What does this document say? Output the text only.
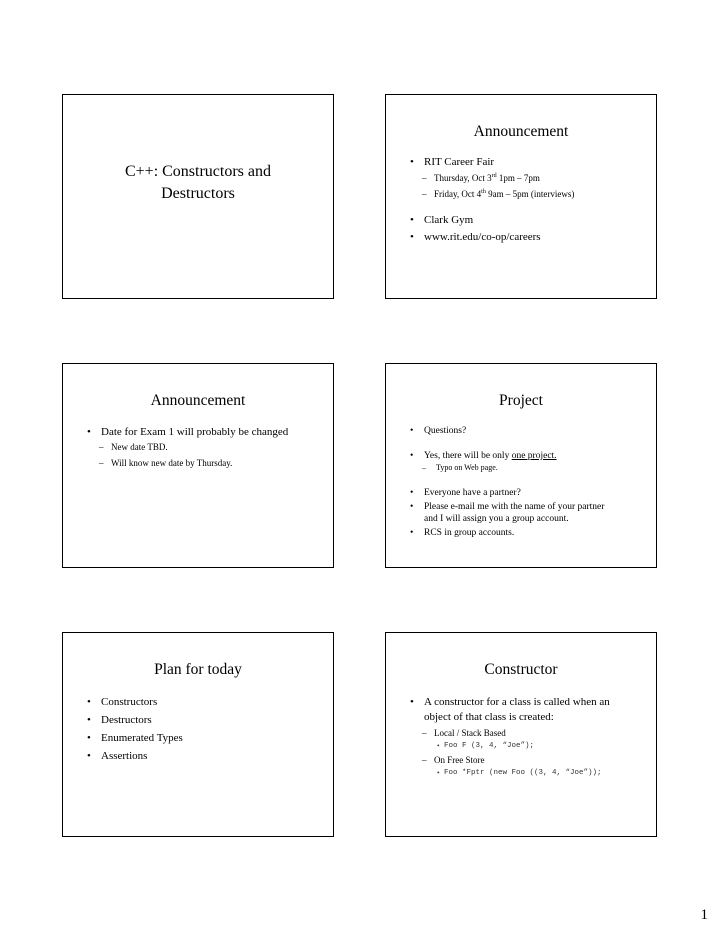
C++: Constructors and
Destructors
Announcement
• RIT Career Fair
– Thursday, Oct 3rd 1pm – 7pm
– Friday, Oct 4th 9am – 5pm (interviews)
• Clark Gym
• www.rit.edu/co-op/careers
Announcement
• Date for Exam 1 will probably be changed
– New date TBD.
– Will know new date by Thursday.
Project
• Questions?
• Yes, there will be only one project.
– Typo on Web page.
• Everyone have a partner?
• Please e-mail me with the name of your partner
and I will assign you a group account.
• RCS in group accounts.
Plan for today
• Constructors
• Destructors
• Enumerated Types
• Assertions
Constructor
• A constructor for a class is called when an
object of that class is created:
– Local / Stack Based
• Foo F (3, 4, “Joe”);
– On Free Store
• Foo *Fptr (new Foo ((3, 4, “Joe”));
1
